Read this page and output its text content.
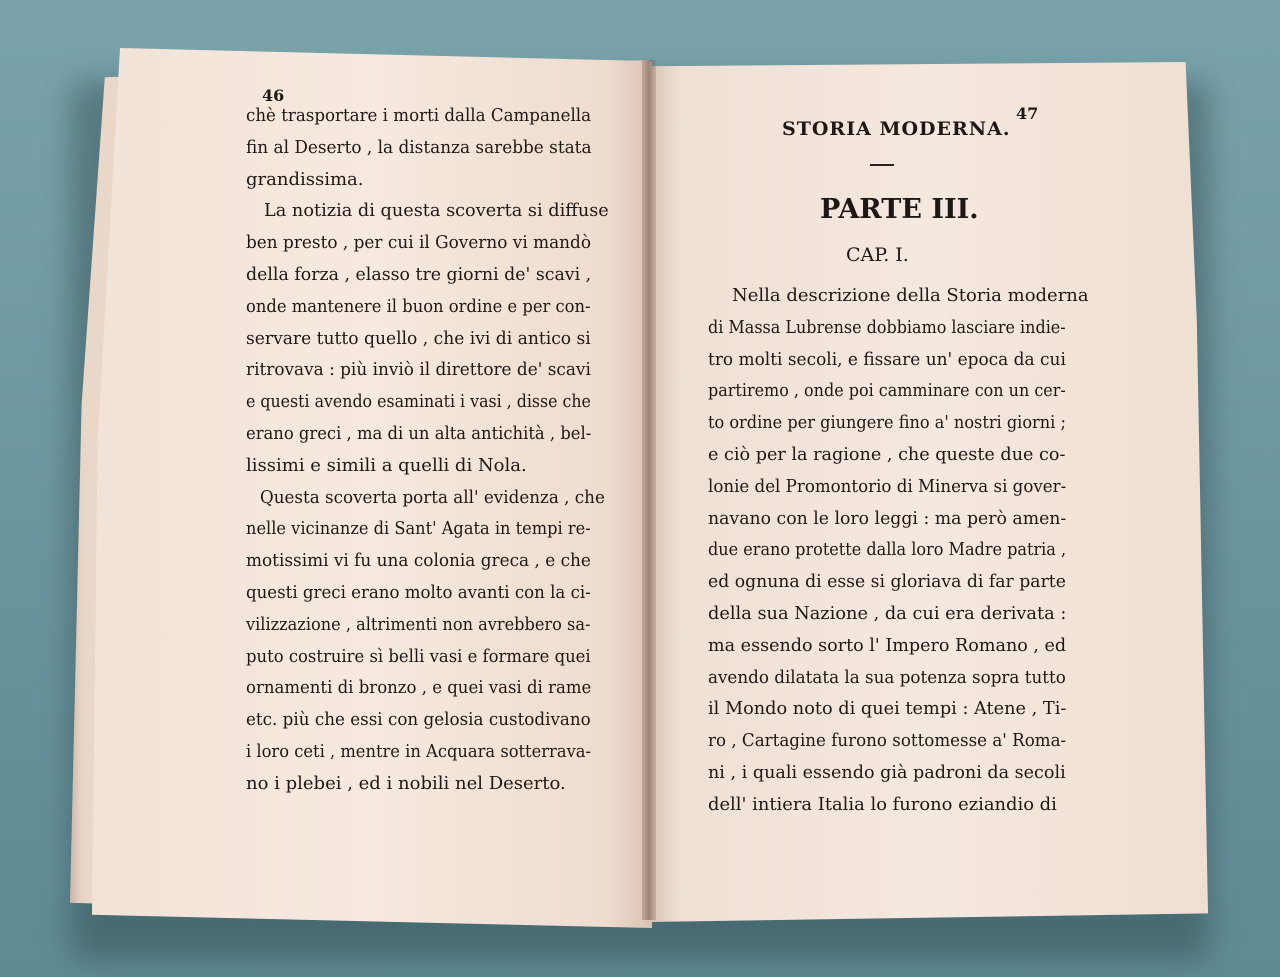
46
chè trasportare i morti dalla Campanella
fin al Deserto , la distanza sarebbe stata
grandissima.
La notizia di questa scoverta si diffuse
ben presto , per cui il Governo vi mandò
della forza , elasso tre giorni de' scavi ,
onde mantenere il buon ordine e per con-
servare tutto quello , che ivi di antico si
ritrovava : più inviò il direttore de' scavi
e questi avendo esaminati i vasi , disse che
erano greci , ma di un alta antichità , bel-
lissimi e simili a quelli di Nola.
Questa scoverta porta all' evidenza , che
nelle vicinanze di Sant' Agata in tempi re-
motissimi vi fu una colonia greca , e che
questi greci erano molto avanti con la ci-
vilizzazione , altrimenti non avrebbero sa-
puto costruire sì belli vasi e formare quei
ornamenti di bronzo , e quei vasi di rame
etc. più che essi con gelosia custodivano
i loro ceti , mentre in Acquara sotterrava-
no i plebei , ed i nobili nel Deserto.
47
STORIA MODERNA.
PARTE III.
CAP. I.
Nella descrizione della Storia moderna
di Massa Lubrense dobbiamo lasciare indie-
tro molti secoli, e fissare un' epoca da cui
partiremo , onde poi camminare con un cer-
to ordine per giungere fino a' nostri giorni ;
e ciò per la ragione , che queste due co-
lonie del Promontorio di Minerva si gover-
navano con le loro leggi : ma però amen-
due erano protette dalla loro Madre patria ,
ed ognuna di esse si gloriava di far parte
della sua Nazione , da cui era derivata :
ma essendo sorto l' Impero Romano , ed
avendo dilatata la sua potenza sopra tutto
il Mondo noto di quei tempi : Atene , Ti-
ro , Cartagine furono sottomesse a' Roma-
ni , i quali essendo già padroni da secoli
dell' intiera Italia lo furono eziandio di
